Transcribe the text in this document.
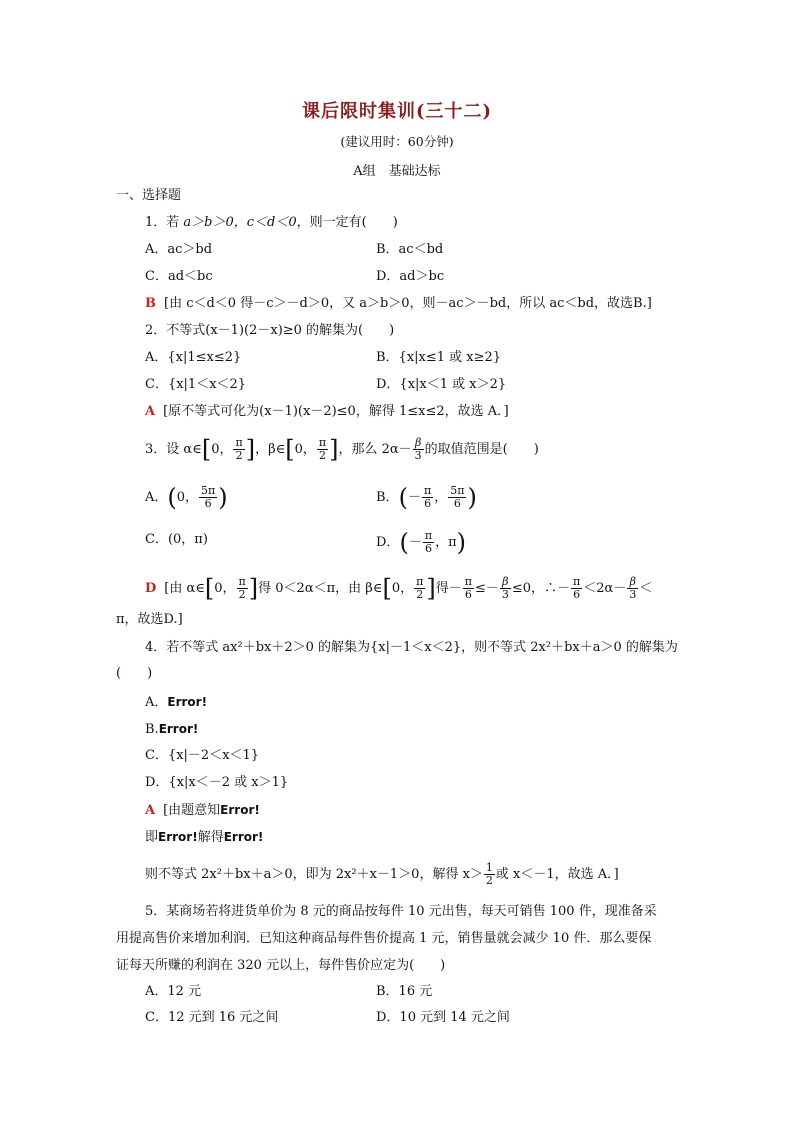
课后限时集训(三十二)
(建议用时：60分钟)
A组　基础达标
一、选择题
1．若 a＞b＞0，c＜d＜0，则一定有(　　)
A．ac＞bd	B．ac＜bd
C．ad＜bc	D．ad＞bc
B [由 c＜d＜0 得－c＞－d＞0，又 a＞b＞0，则－ac＞－bd，所以 ac＜bd，故选B.]
2．不等式(x－1)(2－x)≥0 的解集为(　　)
A．{x|1≤x≤2}	B．{x|x≤1 或 x≥2}
C．{x|1＜x＜2}	D．{x|x＜1 或 x＞2}
A [原不等式可化为(x－1)(x－2)≤0，解得 1≤x≤2，故选 A．]
3．设 α∈[0， $\frac{\pi}{2}$ ]，β∈[0， $\frac{\pi}{2}$ ]，那么 $2\alpha- \frac{\beta}{3}$ 的取值范围是(　　)
A．(0， $\frac{5\pi}{6}$ )	B．(－ $\frac{\pi}{6}$ ， $\frac{5\pi}{6}$ )
C．(0，π)	D．(－ $\frac{\pi}{6}$ ，π)
D [由 α∈[0， $\frac{\pi}{2}$ ]得 0＜2α＜π，由 β∈[0， $\frac{\pi}{2}$ ]得－ $\frac{\pi}{6} \le- \frac{\beta}{3} \le 0$，∴－ $\frac{\pi}{6} <2\alpha- \frac{\beta}{3}$ ＜
π，故选D.]
4．若不等式 ax²＋bx＋2＞0 的解集为{x|－1＜x＜2}，则不等式 2x²＋bx＋a＞0 的解集为
(　　)
A．Error!
B.Error!
C．{x|－2＜x＜1}
D．{x|x＜－2 或 x＞1}
A [由题意知Error!
即Error!解得Error!
则不等式 2x²＋bx＋a＞0，即为 2x²＋x－1＞0，解得 $x> \frac{1}{2}$ 或 x＜－1，故选 A．]
5．某商场若将进货单价为 8 元的商品按每件 10 元出售，每天可销售 100 件，现准备采
用提高售价来增加利润．已知这种商品每件售价提高 1 元，销售量就会减少 10 件．那么要保
证每天所赚的利润在 320 元以上，每件售价应定为(　　)
A．12 元	B．16 元
C．12 元到 16 元之间	D．10 元到 14 元之间
